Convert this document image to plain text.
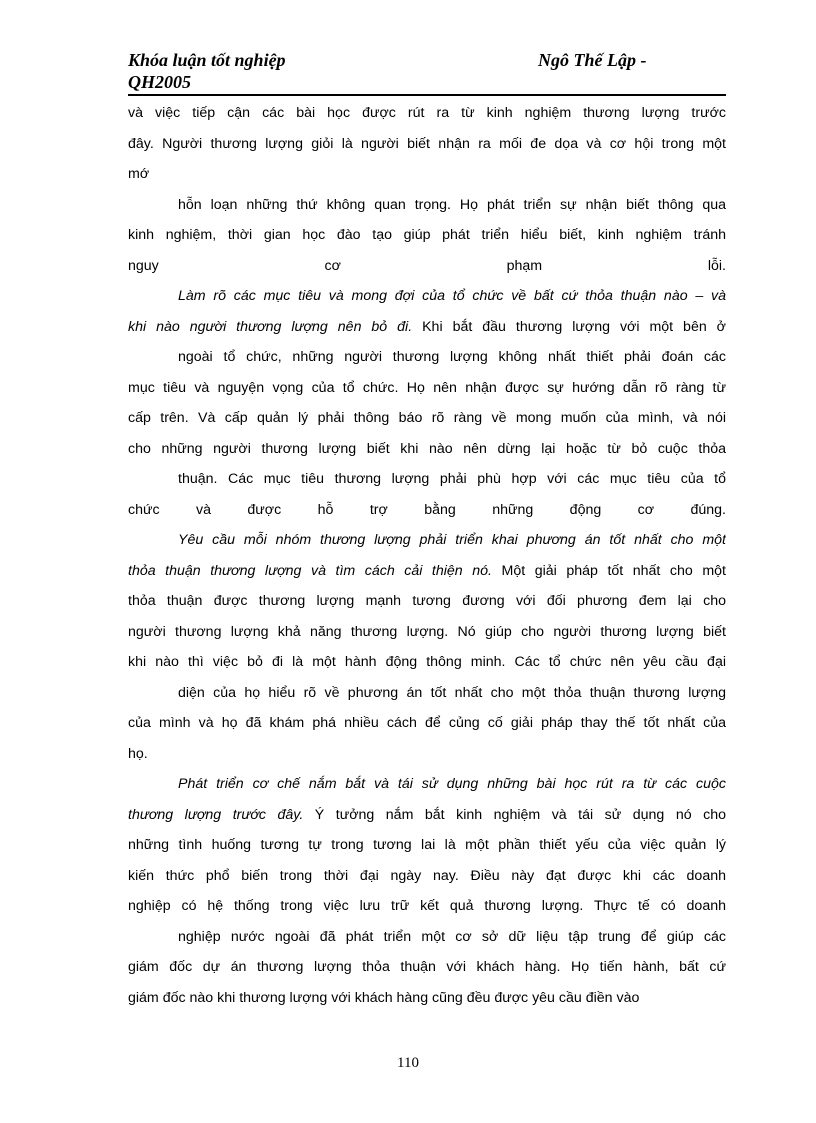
Khóa luận tốt nghiệp	Ngô Thế Lập -
QH2005
và việc tiếp cận các bài học được rút ra từ kinh nghiệm thương lượng trước
đây. Người thương lượng giỏi là người biết nhận ra mối đe dọa và cơ hội trong một
mớ
hỗn loạn những thứ không quan trọng. Họ phát triển sự nhận biết thông qua
kinh nghiệm, thời gian học đào tạo giúp phát triển hiểu biết, kinh nghiệm tránh
nguy cơ phạm lỗi.
Làm rõ các mục tiêu và mong đợi của tổ chức về bất cứ thỏa thuận nào – và
khi nào người thương lượng nên bỏ đi. Khi bắt đầu thương lượng với một bên ở
ngoài tổ chức, những người thương lượng không nhất thiết phải đoán các
mục tiêu và nguyện vọng của tổ chức. Họ nên nhận được sự hướng dẫn rõ ràng từ
cấp trên. Và cấp quản lý phải thông báo rõ ràng về mong muốn của mình, và nói
cho những người thương lượng biết khi nào nên dừng lại hoặc từ bỏ cuộc thỏa
thuận. Các mục tiêu thương lượng phải phù hợp với các mục tiêu của tổ
chức và được hỗ trợ bằng những động cơ đúng.
Yêu cầu mỗi nhóm thương lượng phải triển khai phương án tốt nhất cho một
thỏa thuận thương lượng và tìm cách cải thiện nó. Một giải pháp tốt nhất cho một
thỏa thuận được thương lượng mạnh tương đương với đối phương đem lại cho
người thương lượng khả năng thương lượng. Nó giúp cho người thương lượng biết
khi nào thì việc bỏ đi là một hành động thông minh. Các tổ chức nên yêu cầu đại
diện của họ hiểu rõ về phương án tốt nhất cho một thỏa thuận thương lượng
của mình và họ đã khám phá nhiều cách để củng cố giải pháp thay thế tốt nhất của
họ.
Phát triển cơ chế nắm bắt và tái sử dụng những bài học rút ra từ các cuộc
thương lượng trước đây. Ý tưởng nắm bắt kinh nghiệm và tái sử dụng nó cho
những tình huống tương tự trong tương lai là một phần thiết yếu của việc quản lý
kiến thức phổ biến trong thời đại ngày nay. Điều này đạt được khi các doanh
nghiệp có hệ thống trong việc lưu trữ kết quả thương lượng. Thực tế có doanh
nghiệp nước ngoài đã phát triển một cơ sở dữ liệu tập trung để giúp các
giám đốc dự án thương lượng thỏa thuận với khách hàng. Họ tiến hành, bất cứ
giám đốc nào khi thương lượng với khách hàng cũng đều được yêu cầu điền vào
110
